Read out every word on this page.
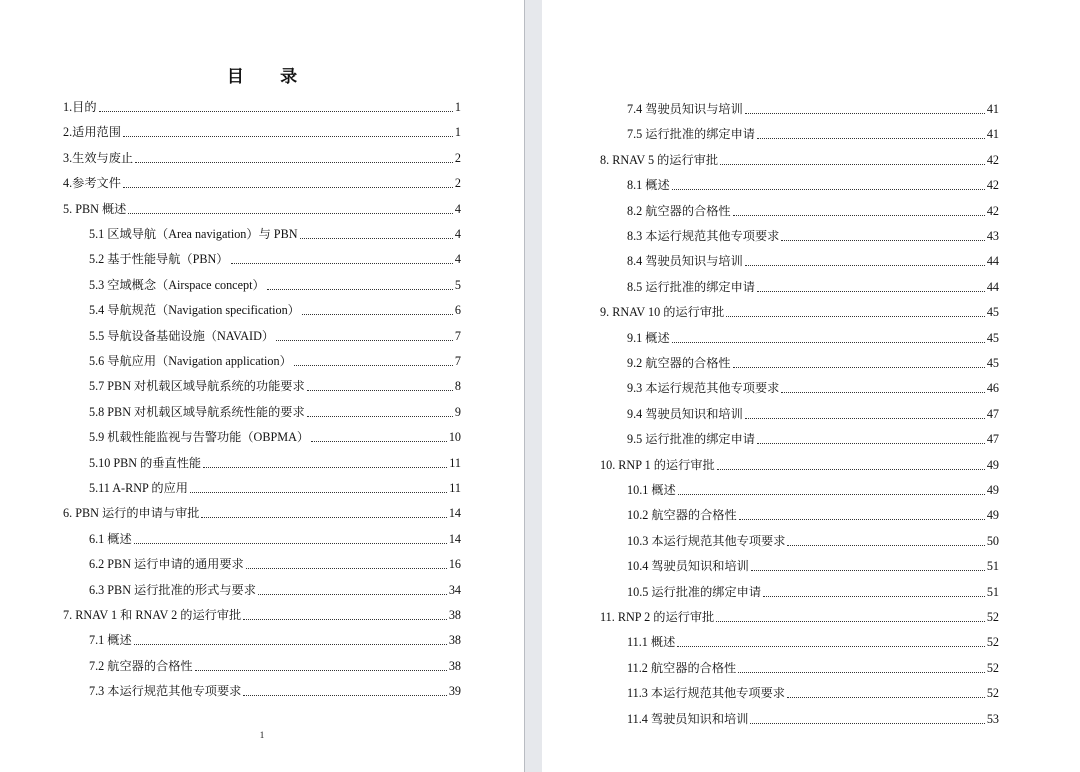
目 录
1.目的	1
2.适用范围	1
3.生效与废止	2
4.参考文件	2
5. PBN 概述	4
5.1 区域导航（Area navigation）与 PBN	4
5.2 基于性能导航（PBN）	4
5.3 空域概念（Airspace concept）	5
5.4 导航规范（Navigation specification）	6
5.5 导航设备基础设施（NAVAID）	7
5.6 导航应用（Navigation application）	7
5.7 PBN 对机载区域导航系统的功能要求	8
5.8 PBN 对机载区域导航系统性能的要求	9
5.9 机载性能监视与告警功能（OBPMA）	10
5.10 PBN 的垂直性能	11
5.11 A-RNP 的应用	11
6. PBN 运行的申请与审批	14
6.1 概述	14
6.2 PBN 运行申请的通用要求	16
6.3 PBN 运行批准的形式与要求	34
7. RNAV 1 和 RNAV 2 的运行审批	38
7.1 概述	38
7.2 航空器的合格性	38
7.3 本运行规范其他专项要求	39
1
7.4 驾驶员知识与培训	41
7.5 运行批准的绑定申请	41
8. RNAV 5 的运行审批	42
8.1 概述	42
8.2 航空器的合格性	42
8.3 本运行规范其他专项要求	43
8.4 驾驶员知识与培训	44
8.5 运行批准的绑定申请	44
9. RNAV 10 的运行审批	45
9.1 概述	45
9.2 航空器的合格性	45
9.3 本运行规范其他专项要求	46
9.4 驾驶员知识和培训	47
9.5 运行批准的绑定申请	47
10. RNP 1 的运行审批	49
10.1 概述	49
10.2 航空器的合格性	49
10.3 本运行规范其他专项要求	50
10.4 驾驶员知识和培训	51
10.5 运行批准的绑定申请	51
11. RNP 2 的运行审批	52
11.1 概述	52
11.2 航空器的合格性	52
11.3 本运行规范其他专项要求	52
11.4 驾驶员知识和培训	53
